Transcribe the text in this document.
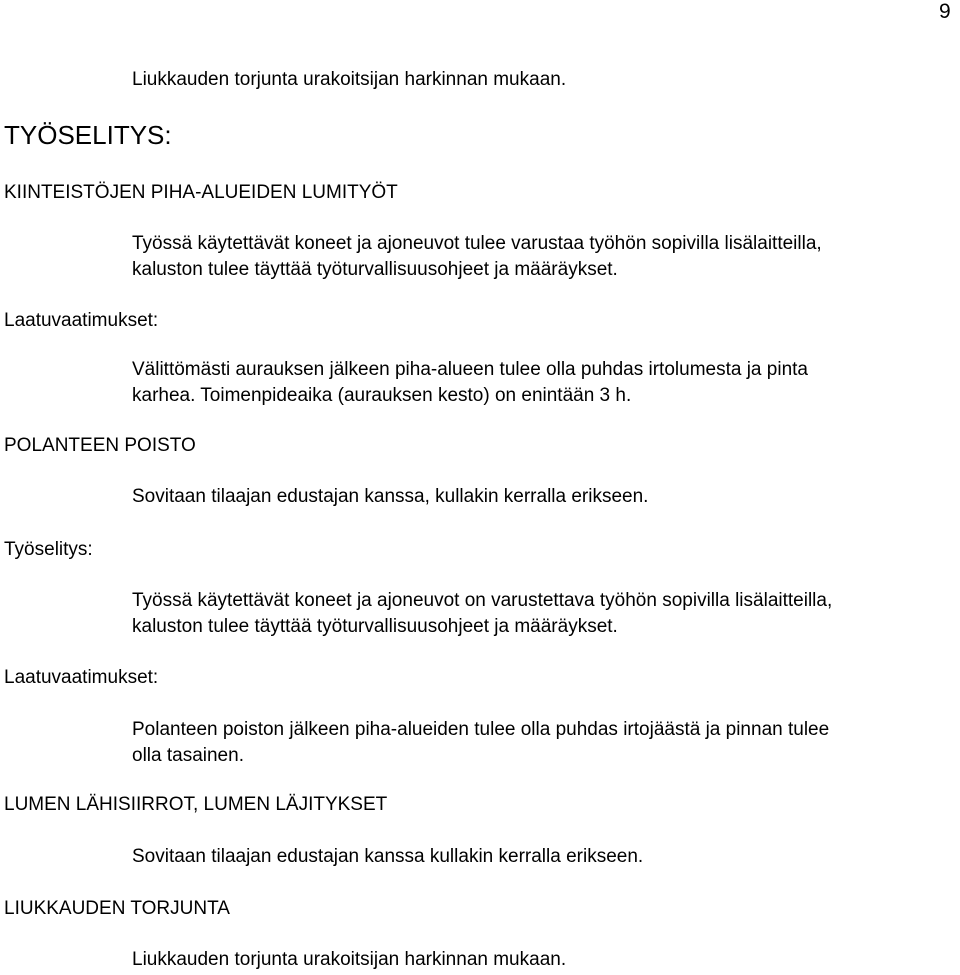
9
Liukkauden torjunta urakoitsijan harkinnan mukaan.
TYÖSELITYS:
KIINTEISTÖJEN PIHA-ALUEIDEN LUMITYÖT
Työssä käytettävät koneet ja ajoneuvot tulee varustaa työhön sopivilla lisälaitteilla,
kaluston tulee täyttää työturvallisuusohjeet ja määräykset.
Laatuvaatimukset:
Välittömästi aurauksen jälkeen piha-alueen tulee olla puhdas irtolumesta ja pinta
karhea. Toimenpideaika (aurauksen kesto) on enintään 3 h.
POLANTEEN POISTO
Sovitaan tilaajan edustajan kanssa, kullakin kerralla erikseen.
Työselitys:
Työssä käytettävät koneet ja ajoneuvot on varustettava työhön sopivilla lisälaitteilla,
kaluston tulee täyttää työturvallisuusohjeet ja määräykset.
Laatuvaatimukset:
Polanteen poiston jälkeen piha-alueiden tulee olla puhdas irtojäästä ja pinnan tulee
olla tasainen.
LUMEN LÄHISIIRROT, LUMEN LÄJITYKSET
Sovitaan tilaajan edustajan kanssa kullakin kerralla erikseen.
LIUKKAUDEN TORJUNTA
Liukkauden torjunta urakoitsijan harkinnan mukaan.
